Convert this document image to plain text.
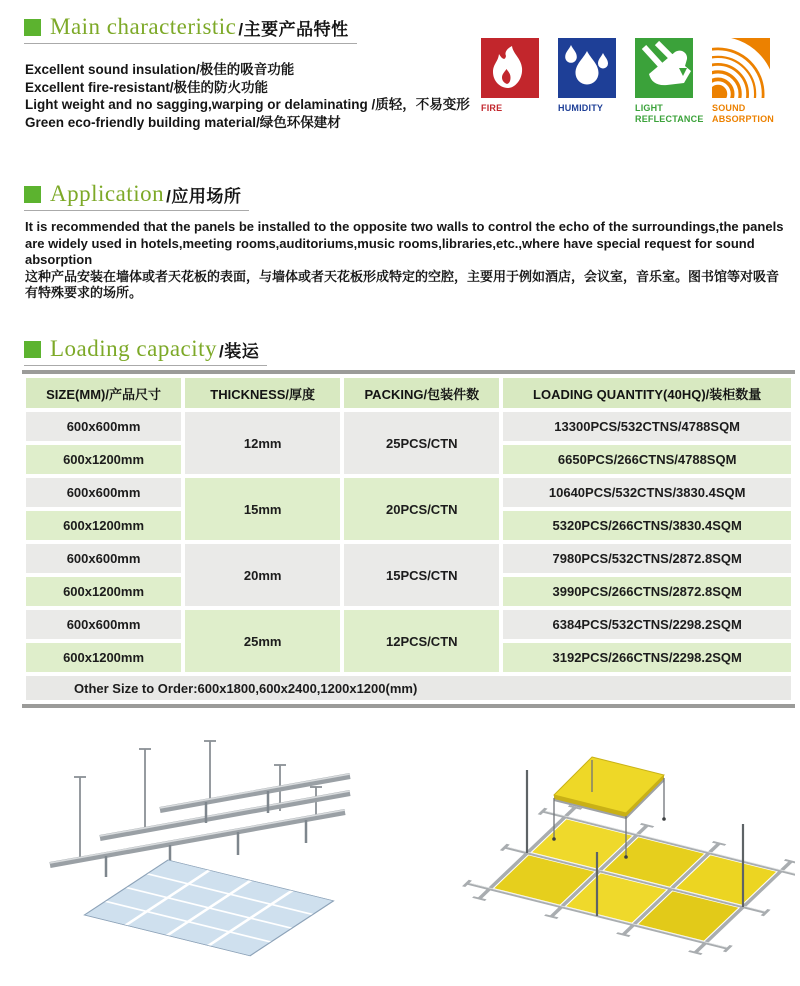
Main characteristic /主要产品特性
Excellent sound insulation/极佳的吸音功能
Excellent fire-resistant/极佳的防火功能
Light weight and no sagging,warping or delaminating /质轻，不易变形
Green eco-friendly building material/绿色环保建材
FIRE	HUMIDITY	LIGHT
REFLECTANCE
SOUND
ABSORPTION
Application /应用场所
It is recommended that the panels be installed to the opposite two walls to control the echo of the surroundings,the panels are widely used in hotels,meeting rooms,auditoriums,music rooms,libraries,etc.,where have special request for sound absorption
这种产品安装在墙体或者天花板的表面，与墙体或者天花板形成特定的空腔，主要用于例如酒店，会议室，音乐室。图书馆等对吸音有特殊要求的场所。
Loading capacity /装运
SIZE(MM)/产品尺寸	THICKNESS/厚度	PACKING/包装件数	LOADING QUANTITY(40HQ)/装柜数量
600x600mm	12mm	25PCS/CTN	13300PCS/532CTNS/4788SQM
600x1200mm			6650PCS/266CTNS/4788SQM
600x600mm	15mm	20PCS/CTN	10640PCS/532CTNS/3830.4SQM
600x1200mm			5320PCS/266CTNS/3830.4SQM
600x600mm	20mm	15PCS/CTN	7980PCS/532CTNS/2872.8SQM
600x1200mm			3990PCS/266CTNS/2872.8SQM
600x600mm	25mm	12PCS/CTN	6384PCS/532CTNS/2298.2SQM
600x1200mm			3192PCS/266CTNS/2298.2SQM
Other Size to Order:600x1800,600x2400,1200x1200(mm)			
